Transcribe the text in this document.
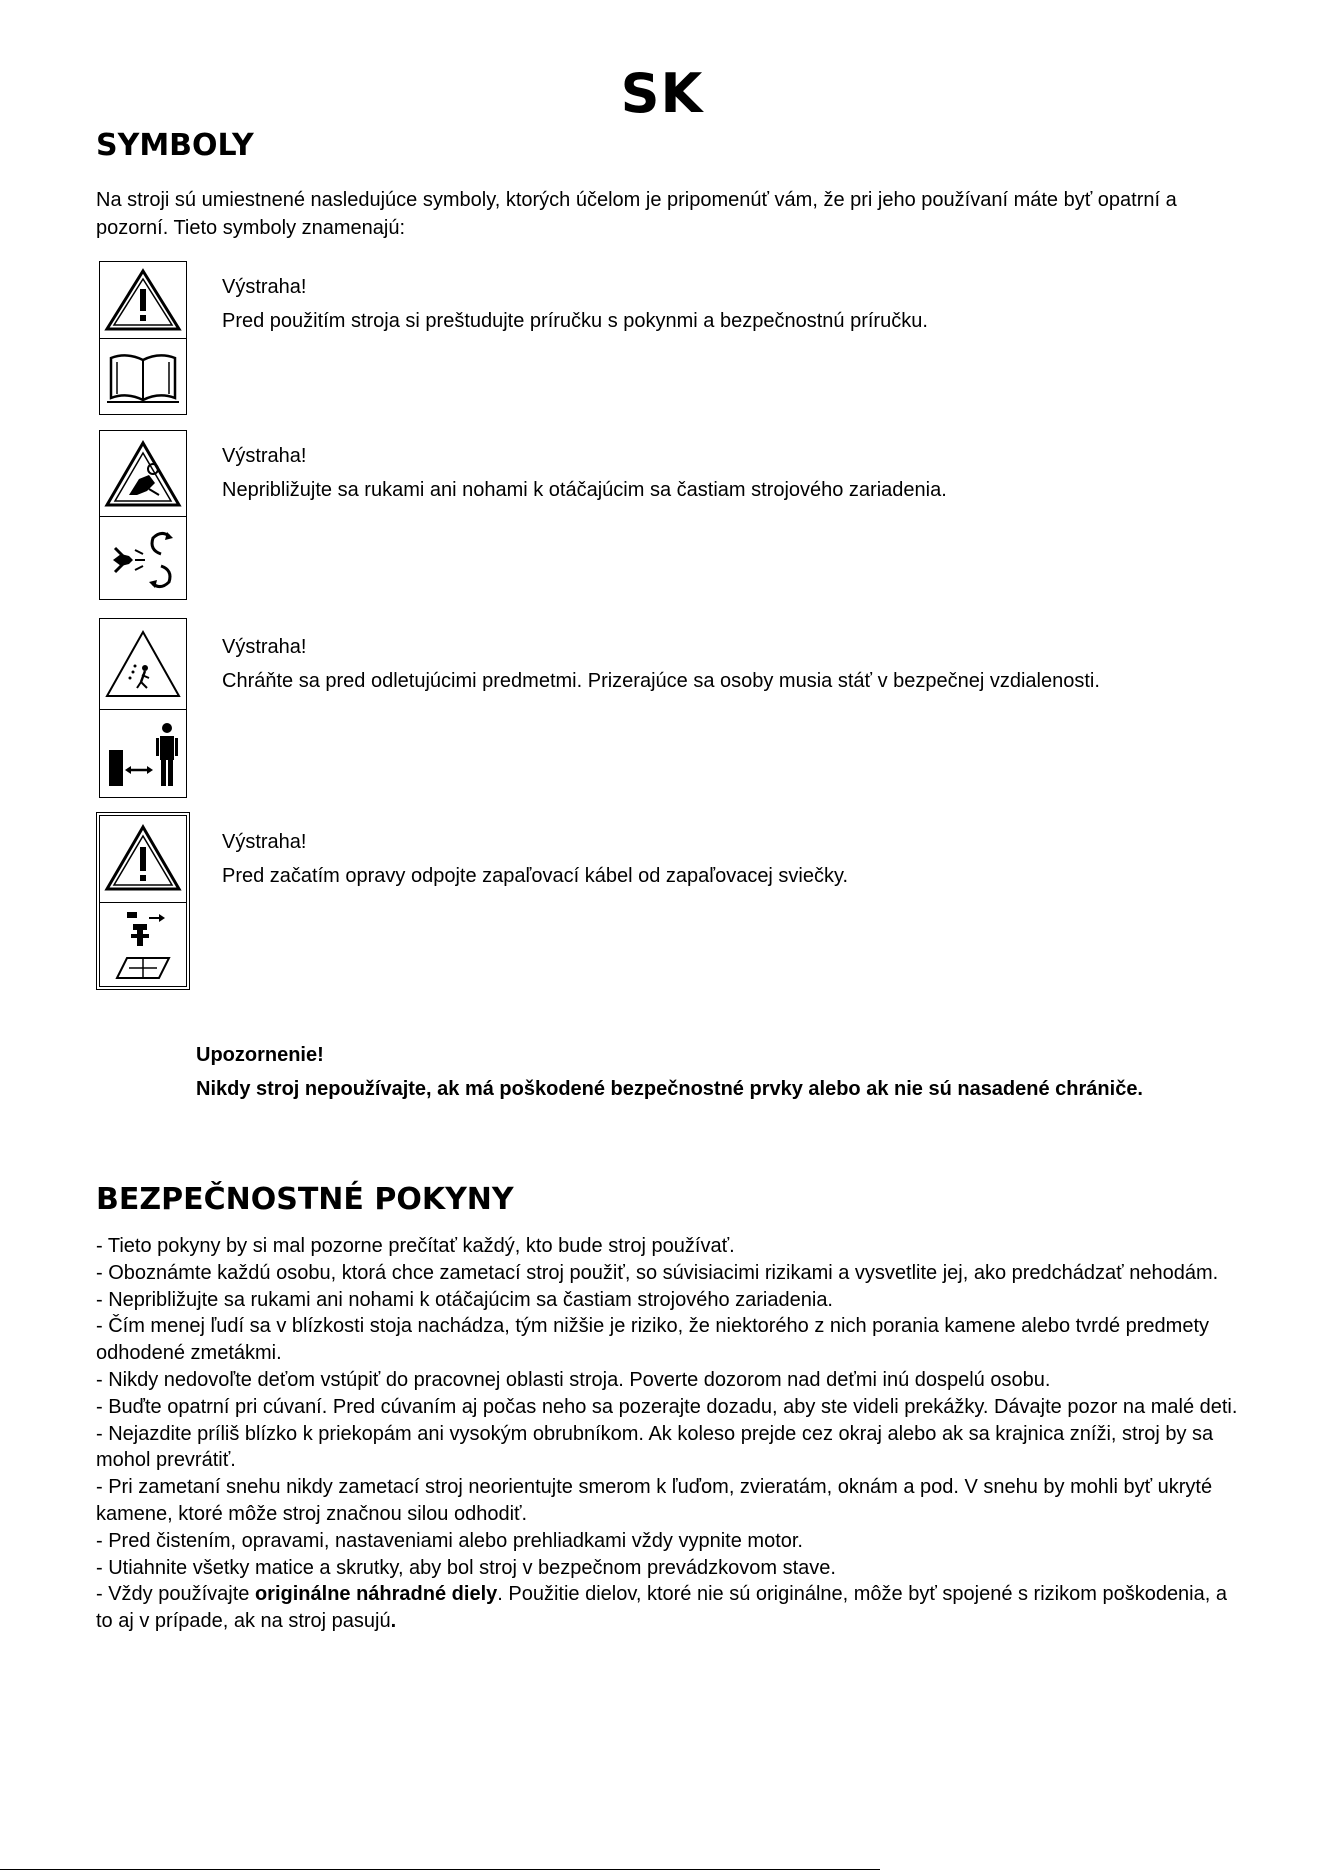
SK
SYMBOLY
Na stroji sú umiestnené nasledujúce symboly, ktorých účelom je pripomenúť vám, že pri jeho používaní máte byť opatrní a pozorní. Tieto symboly znamenajú:
Výstraha!
Pred použitím stroja si preštudujte príručku s pokynmi a bezpečnostnú príručku.
Výstraha!
Nepribližujte sa rukami ani nohami k otáčajúcim sa častiam strojového zariadenia.
Výstraha!
Chráňte sa pred odletujúcimi predmetmi. Prizerajúce sa osoby musia stáť v bezpečnej vzdialenosti.
Výstraha!
Pred začatím opravy odpojte zapaľovací kábel od zapaľovacej sviečky.
Upozornenie!
Nikdy stroj nepoužívajte, ak má poškodené bezpečnostné prvky alebo ak nie sú nasadené chrániče.
BEZPEČNOSTNÉ POKYNY

- Tieto pokyny by si mal pozorne prečítať každý, kto bude stroj používať.

- Oboznámte každú osobu, ktorá chce zametací stroj použiť, so súvisiacimi rizikami a vysvetlite jej, ako predchádzať nehodám.

- Nepribližujte sa rukami ani nohami k otáčajúcim sa častiam strojového zariadenia.

- Čím menej ľudí sa v blízkosti stoja nachádza, tým nižšie je riziko, že niektorého z nich porania kamene alebo tvrdé predmety odhodené zmetákmi.

- Nikdy nedovoľte deťom vstúpiť do pracovnej oblasti stroja. Poverte dozorom nad deťmi inú dospelú osobu.

- Buďte opatrní pri cúvaní. Pred cúvaním aj počas neho sa pozerajte dozadu, aby ste videli prekážky. Dávajte pozor na malé deti.

- Nejazdite príliš blízko k priekopám ani vysokým obrubníkom. Ak koleso prejde cez okraj alebo ak sa krajnica zníži, stroj by sa mohol prevrátiť.

- Pri zametaní snehu nikdy zametací stroj neorientujte smerom k ľuďom, zvieratám, oknám a pod. V snehu by mohli byť ukryté kamene, ktoré môže stroj značnou silou odhodiť.

- Pred čistením, opravami, nastaveniami alebo prehliadkami vždy vypnite motor.

- Utiahnite všetky matice a skrutky, aby bol stroj v bezpečnom prevádzkovom stave.

- Vždy používajte originálne náhradné diely. Použitie dielov, ktoré nie sú originálne, môže byť spojené s rizikom poškodenia, a to aj v prípade, ak na stroj pasujú.
